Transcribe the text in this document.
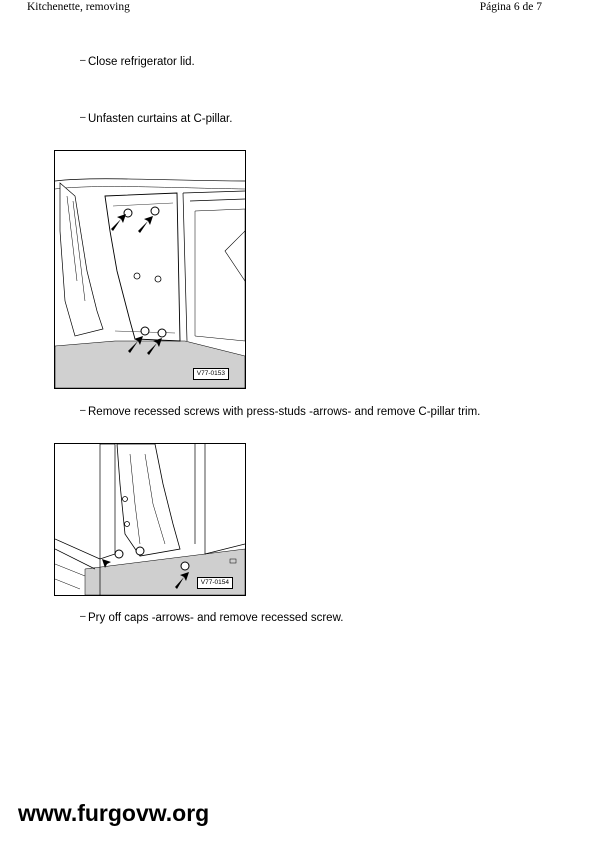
Kitchenette, removing	Página 6 de 7
– Close refrigerator lid.
– Unfasten curtains at C-pillar.
V77-0153
– Remove recessed screws with press-studs -arrows- and remove C-pillar trim.
V77-0154
– Pry off caps -arrows- and remove recessed screw.
www.furgovw.org
